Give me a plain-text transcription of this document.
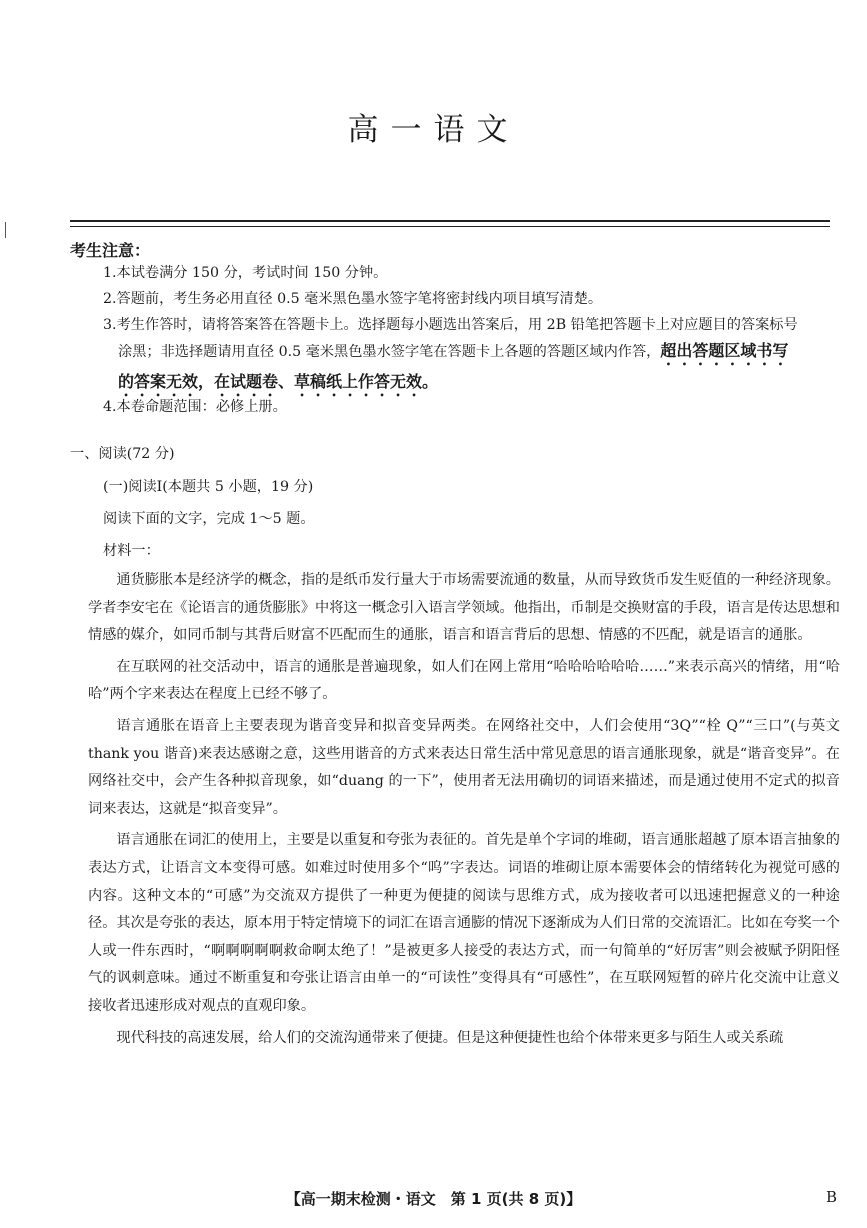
高一语文
考生注意：
1.本试卷满分 150 分，考试时间 150 分钟。
2.答题前，考生务必用直径 0.5 毫米黑色墨水签字笔将密封线内项目填写清楚。
3.考生作答时，请将答案答在答题卡上。选择题每小题选出答案后，用 2B 铅笔把答题卡上对应题目的答案标号
涂黑；非选择题请用直径 0.5 毫米黑色墨水签字笔在答题卡上各题的答题区域内作答，超出答题区域书写
的答案无效，在试题卷、草稿纸上作答无效。
4.本卷命题范围：必修上册。
一、阅读(72 分)
(一)阅读Ⅰ(本题共 5 小题，19 分)
阅读下面的文字，完成 1～5 题。
材料一：

通货膨胀本是经济学的概念，指的是纸币发行量大于市场需要流通的数量，从而导致货币发生贬值的一种经济现象。学者李安宅在《论语言的通货膨胀》中将这一概念引入语言学领域。他指出，币制是交换财富的手段，语言是传达思想和情感的媒介，如同币制与其背后财富不匹配而生的通胀，语言和语言背后的思想、情感的不匹配，就是语言的通胀。

在互联网的社交活动中，语言的通胀是普遍现象，如人们在网上常用“哈哈哈哈哈哈……”来表示高兴的情绪，用“哈哈”两个字来表达在程度上已经不够了。

语言通胀在语音上主要表现为谐音变异和拟音变异两类。在网络社交中，人们会使用“3Q”“栓 Q”“三口”(与英文 thank you 谐音)来表达感谢之意，这些用谐音的方式来表达日常生活中常见意思的语言通胀现象，就是“谐音变异”。在网络社交中，会产生各种拟音现象，如“duang 的一下”，使用者无法用确切的词语来描述，而是通过使用不定式的拟音词来表达，这就是“拟音变异”。

语言通胀在词汇的使用上，主要是以重复和夸张为表征的。首先是单个字词的堆砌，语言通胀超越了原本语言抽象的表达方式，让语言文本变得可感。如难过时使用多个“呜”字表达。词语的堆砌让原本需要体会的情绪转化为视觉可感的内容。这种文本的“可感”为交流双方提供了一种更为便捷的阅读与思维方式，成为接收者可以迅速把握意义的一种途径。其次是夸张的表达，原本用于特定情境下的词汇在语言通膨的情况下逐渐成为人们日常的交流语汇。比如在夸奖一个人或一件东西时，“啊啊啊啊啊救命啊太绝了！”是被更多人接受的表达方式，而一句简单的“好厉害”则会被赋予阴阳怪气的讽刺意味。通过不断重复和夸张让语言由单一的“可读性”变得具有“可感性”，在互联网短暂的碎片化交流中让意义接收者迅速形成对观点的直观印象。

现代科技的高速发展，给人们的交流沟通带来了便捷。但是这种便捷性也给个体带来更多与陌生人或关系疏

【高一期末检测・语文　第 1 页(共 8 页)】	B
